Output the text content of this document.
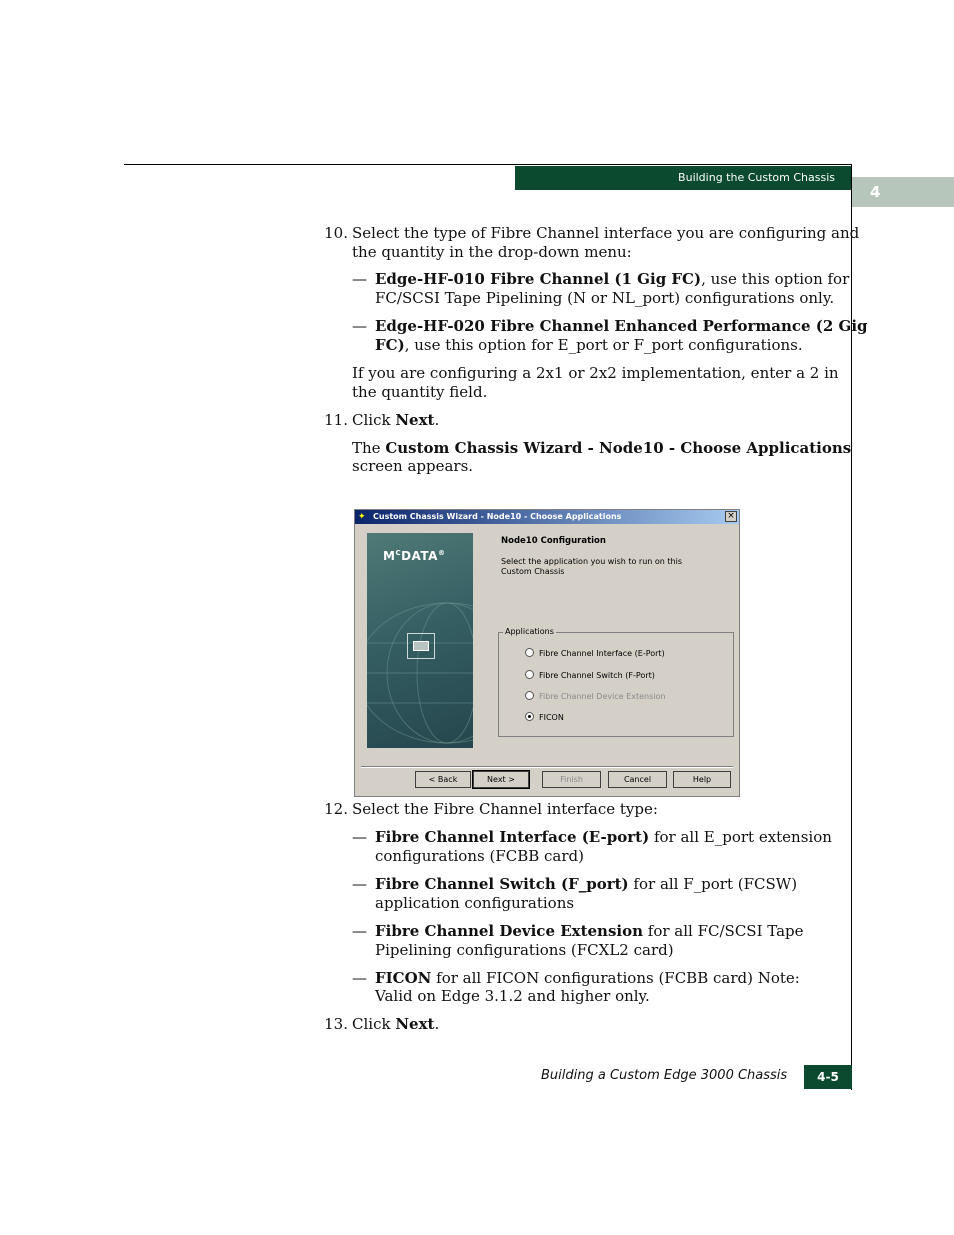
Building the Custom Chassis
4
10. Select the type of Fibre Channel interface you are configuring and
the quantity in the drop-down menu:
— Edge-HF-010 Fibre Channel (1 Gig FC), use this option for
FC/SCSI Tape Pipelining (N or NL_port) configurations only.
— Edge-HF-020 Fibre Channel Enhanced Performance (2 Gig
FC), use this option for E_port or F_port configurations.
If you are configuring a 2x1 or 2x2 implementation, enter a 2 in
the quantity field.
11. Click Next.
The Custom Chassis Wizard - Node10 - Choose Applications
screen appears.
Custom Chassis Wizard - Node10 - Choose Applications
✦	×
$M^CDATA®$
Node10 Configuration
Select the application you wish to run on this Custom Chassis
Applications
Fibre Channel Interface (E-Port)
Fibre Channel Switch (F-Port)
Fibre Channel Device Extension
FICON
< Back	Next >	Finish	Cancel	Help
12. Select the Fibre Channel interface type:
— Fibre Channel Interface (E-port) for all E_port extension
configurations (FCBB card)
— Fibre Channel Switch (F_port) for all F_port (FCSW)
application configurations
— Fibre Channel Device Extension for all FC/SCSI Tape
Pipelining configurations (FCXL2 card)
— FICON for all FICON configurations (FCBB card) Note:
Valid on Edge 3.1.2 and higher only.
13. Click Next.
Building a Custom Edge 3000 Chassis	4-5
